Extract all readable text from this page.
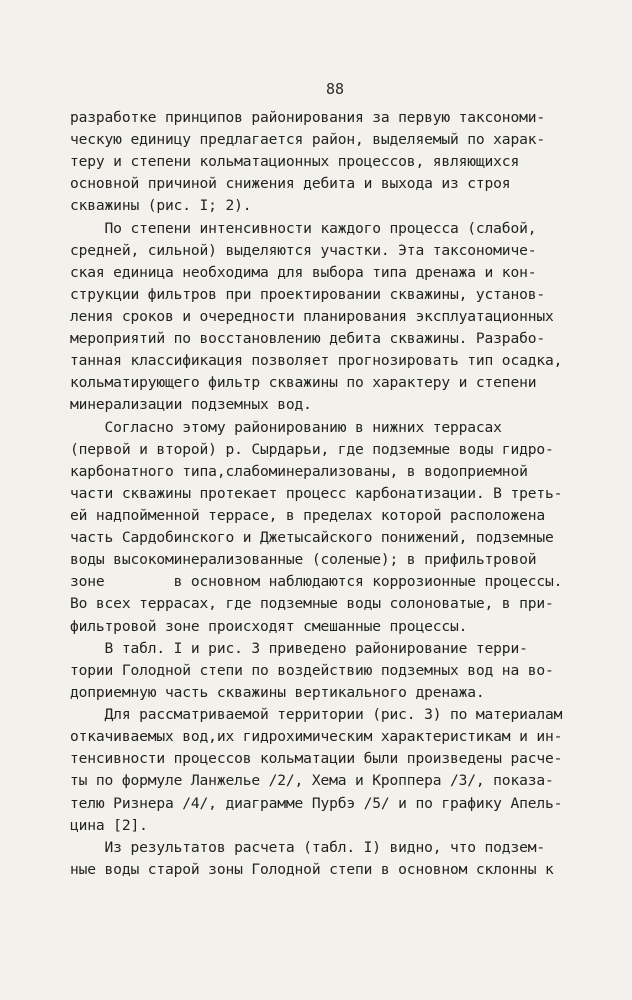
88
разработке принципов районирования за первую таксономи-
ческую единицу предлагается район, выделяемый по харак-
теру и степени кольматационных процессов, являющихся
основной причиной снижения дебита и выхода из строя
скважины (рис. I; 2).
По степени интенсивности каждого процесса (слабой,
средней, сильной) выделяются участки. Эта таксономиче-
ская единица необходима для выбора типа дренажа и кон-
струкции фильтров при проектировании скважины, установ-
ления сроков и очередности планирования эксплуатационных
мероприятий по восстановлению дебита скважины. Разрабо-
танная классификация позволяет прогнозировать тип осадка,
кольматирующего фильтр скважины по характеру и степени
минерализации подземных вод.
Согласно этому районированию в нижних террасах
(первой и второй) р. Сырдарьи, где подземные воды гидро-
карбонатного типа,слабоминерализованы, в водоприемной
части скважины протекает процесс карбонатизации. В треть-
ей надпойменной террасе, в пределах которой расположена
часть Сардобинского и Джетысайского понижений, подземные
воды высокоминерализованные (соленые); в прифильтровой
зоне        в основном наблюдаются коррозионные процессы.
Во всех террасах, где подземные воды солоноватые, в при-
фильтровой зоне происходят смешанные процессы.
В табл. I и рис. 3 приведено районирование терри-
тории Голодной степи по воздействию подземных вод на во-
доприемную часть скважины вертикального дренажа.
Для рассматриваемой территории (рис. 3) по материалам
откачиваемых вод,их гидрохимическим характеристикам и ин-
тенсивности процессов кольматации были произведены расче-
ты по формуле Ланжелье /2/, Хема и Кроппера /3/, показа-
телю Ризнера /4/, диаграмме Пурбэ /5/ и по графику Апель-
цина [2].
Из результатов расчета (табл. I) видно, что подзем-
ные воды старой зоны Голодной степи в основном склонны к
